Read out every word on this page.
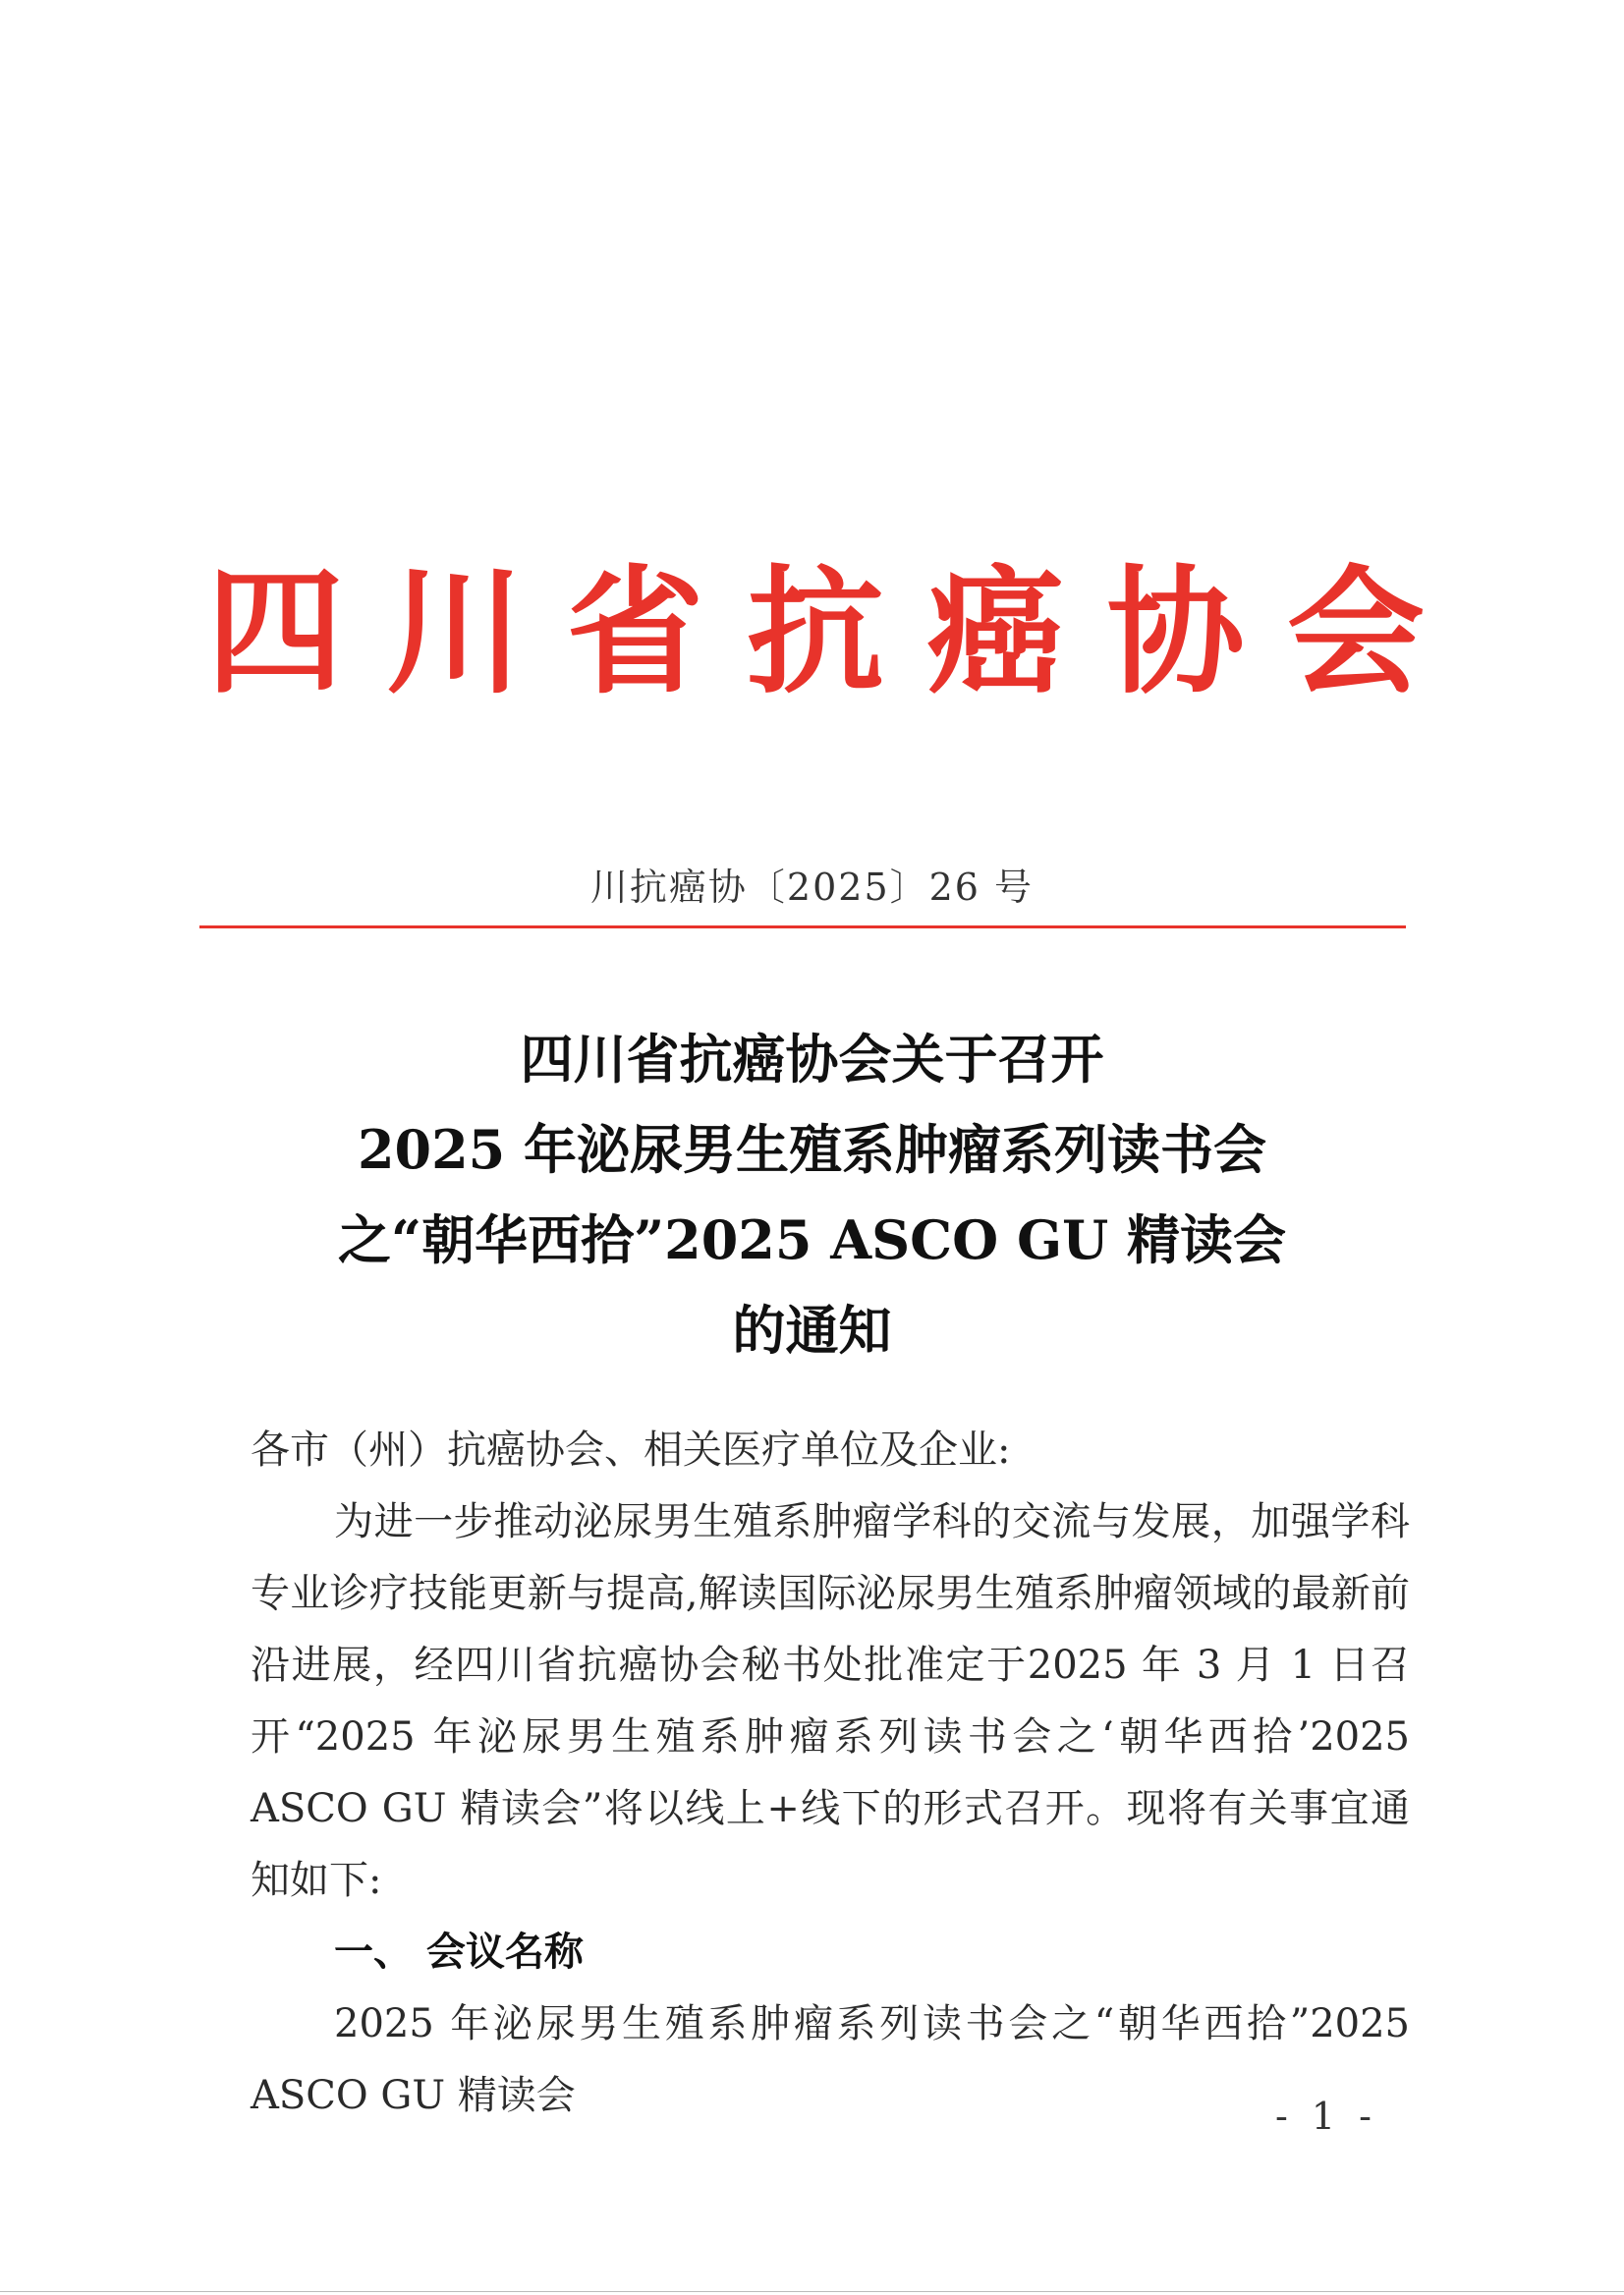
四 川 省 抗 癌 协 会
川抗癌协〔2025〕26 号
四川省抗癌协会关于召开
2025 年泌尿男生殖系肿瘤系列读书会
之“朝华西拾”2025 ASCO GU 精读会
的通知

各市（州）抗癌协会、相关医疗单位及企业:

为进一步推动泌尿男生殖系肿瘤学科的交流与发展，加强学科专业诊疗技能更新与提高,解读国际泌尿男生殖系肿瘤领域的最新前沿进展，经四川省抗癌协会秘书处批准定于2025 年 3 月 1 日召开“2025 年泌尿男生殖系肿瘤系列读书会之‘朝华西拾’2025 ASCO GU 精读会”将以线上+线下的形式召开。现将有关事宜通知如下:

一、 会议名称

2025 年泌尿男生殖系肿瘤系列读书会之“朝华西拾”2025 ASCO GU 精读会	- 1 -
